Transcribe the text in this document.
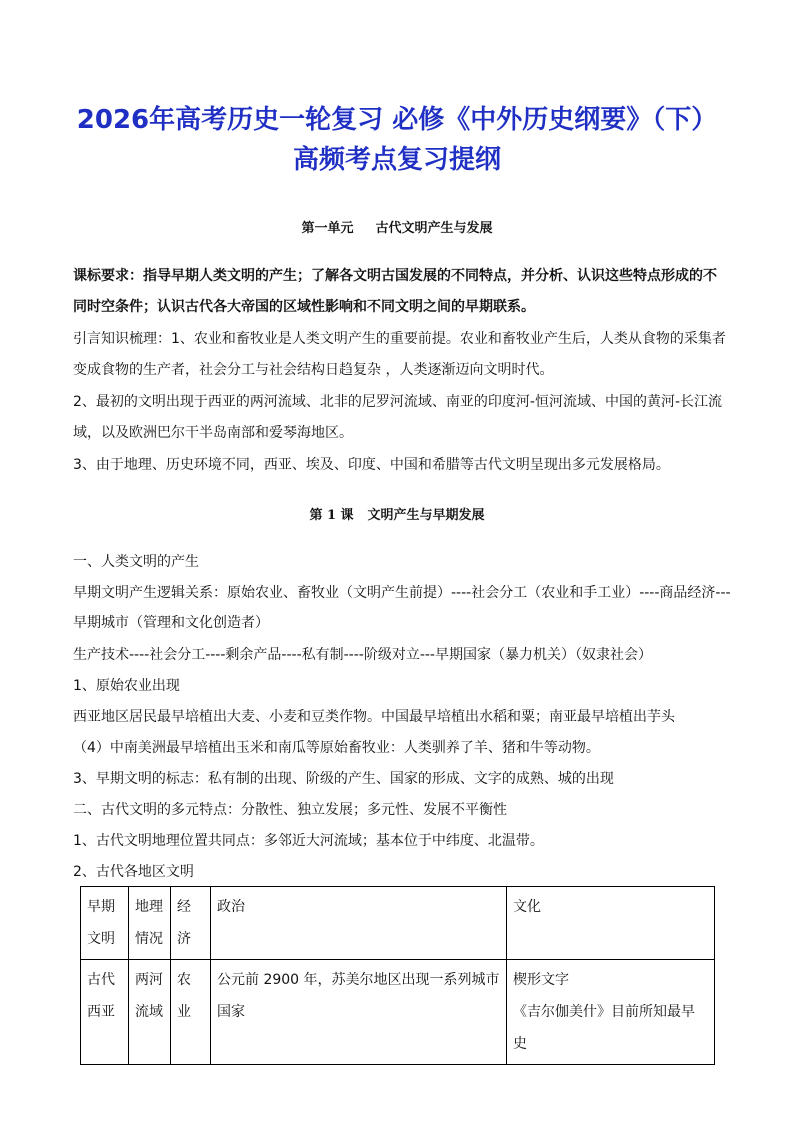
2026年高考历史一轮复习 必修《中外历史纲要》（下）
高频考点复习提纲
第一单元 古代文明产生与发展
课标要求：指导早期人类文明的产生；了解各文明古国发展的不同特点，并分析、认识这些特点形成的不
同时空条件；认识古代各大帝国的区域性影响和不同文明之间的早期联系。
引言知识梳理：1、农业和畜牧业是人类文明产生的重要前提。农业和畜牧业产生后，人类从食物的采集者
变成食物的生产者，社会分工与社会结构日趋复杂 ，人类逐渐迈向文明时代。
2、最初的文明出现于西亚的两河流域、北非的尼罗河流域、南亚的印度河-恒河流域、中国的黄河-长江流
域，以及欧洲巴尔干半岛南部和爱琴海地区。
3、由于地理、历史环境不同，西亚、埃及、印度、中国和希腊等古代文明呈现出多元发展格局。
第 1 课 文明产生与早期发展
一、人类文明的产生
早期文明产生逻辑关系：原始农业、畜牧业（文明产生前提）----社会分工（农业和手工业）----商品经济---
早期城市（管理和文化创造者）
生产技术----社会分工----剩余产品----私有制----阶级对立---早期国家（暴力机关）（奴隶社会）
1、原始农业出现
西亚地区居民最早培植出大麦、小麦和豆类作物。中国最早培植出水稻和粟；南亚最早培植出芋头
（4）中南美洲最早培植出玉米和南瓜等原始畜牧业：人类驯养了羊、猪和牛等动物。
3、早期文明的标志：私有制的出现、阶级的产生、国家的形成、文字的成熟、城的出现
二、古代文明的多元特点：分散性、独立发展；多元性、发展不平衡性
1、古代文明地理位置共同点：多邻近大河流域；基本位于中纬度、北温带。
2、古代各地区文明
早期文明	地理情况	经济	政治	文化
古代西亚	两河流域	农业	公元前 2900 年，苏美尔地区出现一系列城市国家	楔形文字
《吉尔伽美什》目前所知最早史
